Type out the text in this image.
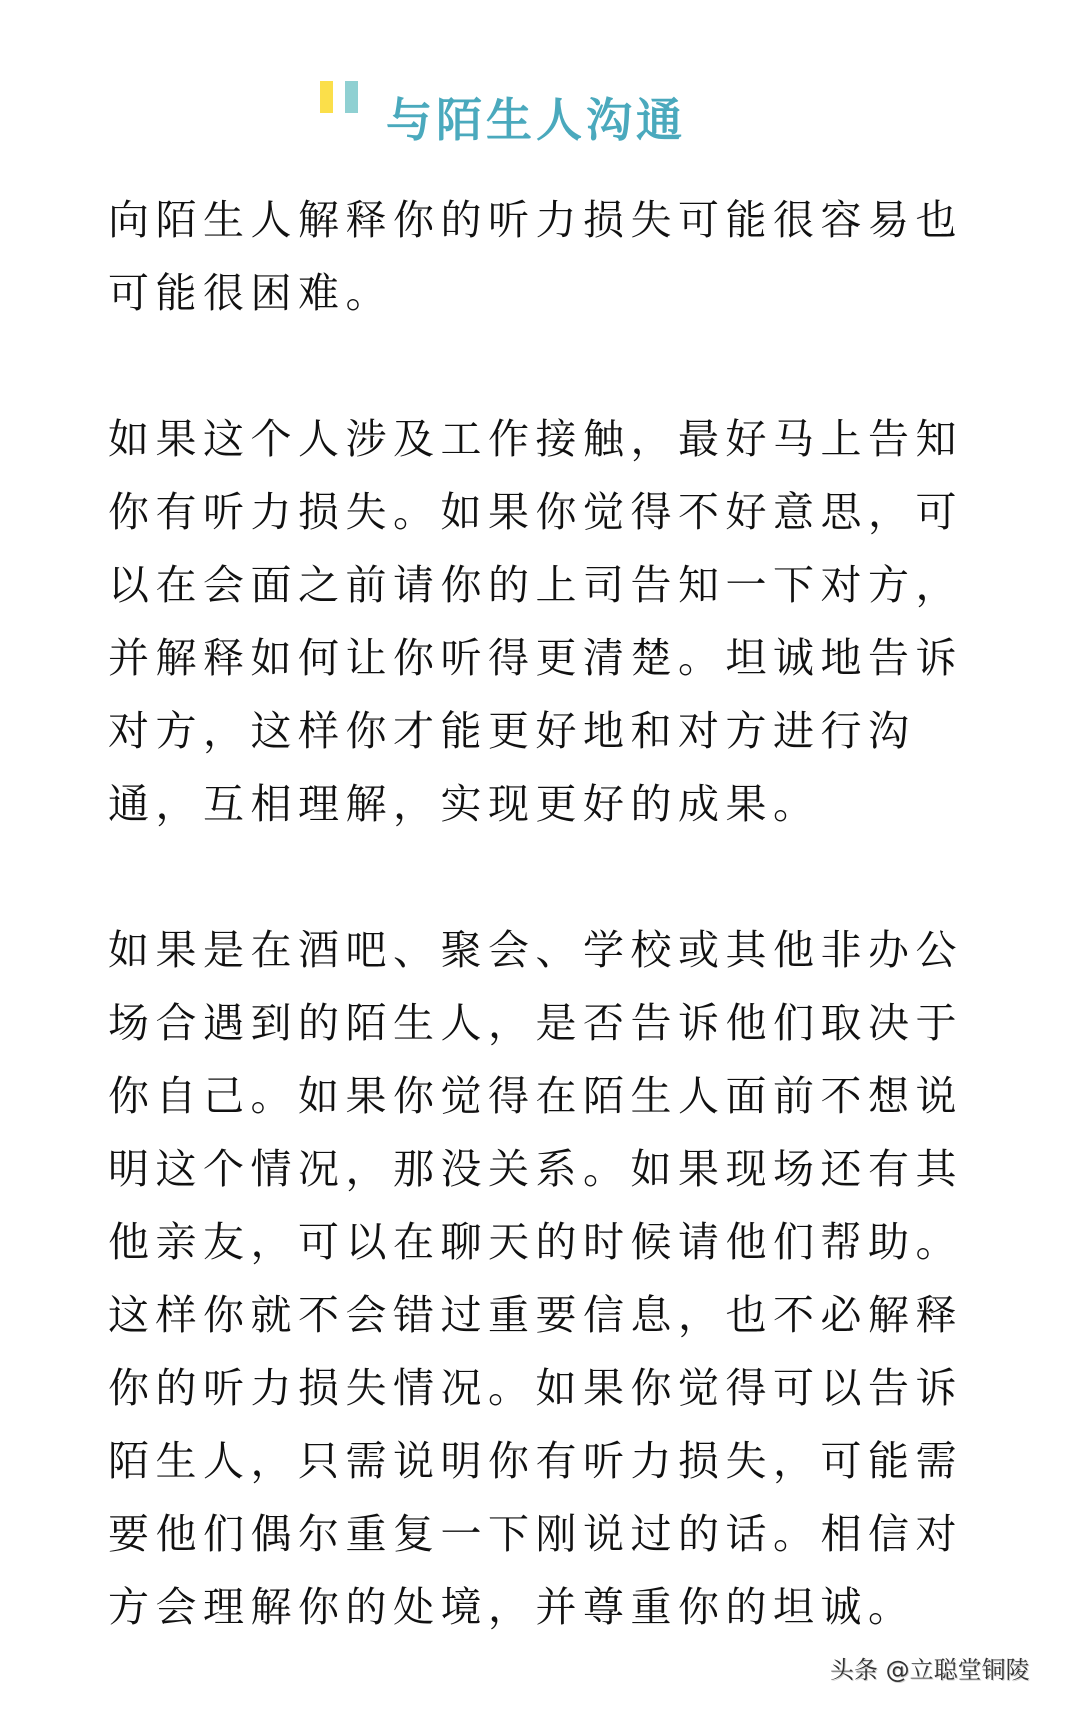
与陌生人沟通

向陌生人解释你的听力损失可能很容易也
可能很困难。

如果这个人涉及工作接触，最好马上告知
你有听力损失。如果你觉得不好意思，可
以在会面之前请你的上司告知一下对方，
并解释如何让你听得更清楚。坦诚地告诉
对方，这样你才能更好地和对方进行沟
通，互相理解，实现更好的成果。

如果是在酒吧、聚会、学校或其他非办公
场合遇到的陌生人，是否告诉他们取决于
你自己。如果你觉得在陌生人面前不想说
明这个情况，那没关系。如果现场还有其
他亲友，可以在聊天的时候请他们帮助。
这样你就不会错过重要信息，也不必解释
你的听力损失情况。如果你觉得可以告诉
陌生人，只需说明你有听力损失，可能需
要他们偶尔重复一下刚说过的话。相信对
方会理解你的处境，并尊重你的坦诚。

头条 @立聪堂铜陵
